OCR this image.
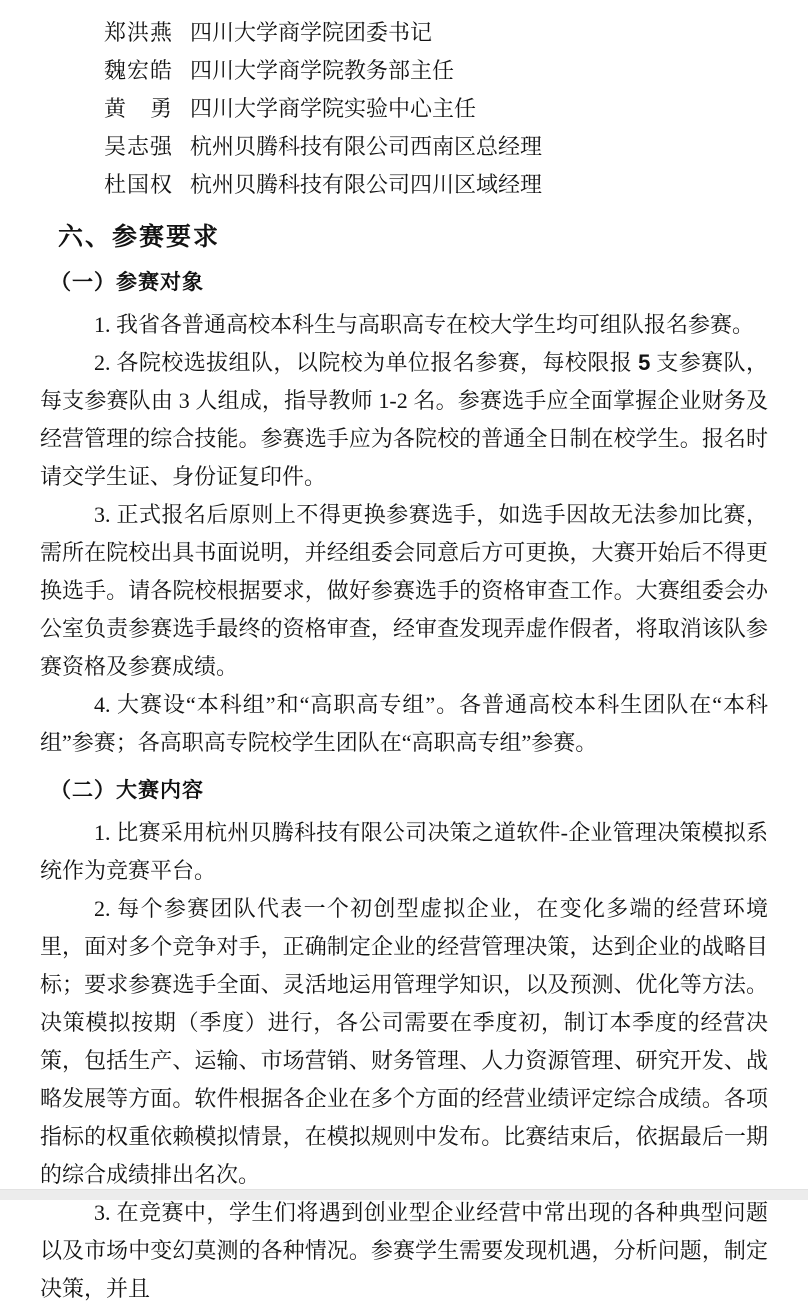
郑洪燕 四川大学商学院团委书记
魏宏皓 四川大学商学院教务部主任
黄　勇 四川大学商学院实验中心主任
吴志强 杭州贝腾科技有限公司西南区总经理
杜国权 杭州贝腾科技有限公司四川区域经理
六、参赛要求
（一）参赛对象

1. 我省各普通高校本科生与高职高专在校大学生均可组队报名参赛。

2. 各院校选拔组队，以院校为单位报名参赛，每校限报 5 支参赛队，每支参赛队由 3 人组成，指导教师 1-2 名。参赛选手应全面掌握企业财务及经营管理的综合技能。参赛选手应为各院校的普通全日制在校学生。报名时请交学生证、身份证复印件。

3. 正式报名后原则上不得更换参赛选手，如选手因故无法参加比赛，需所在院校出具书面说明，并经组委会同意后方可更换，大赛开始后不得更换选手。请各院校根据要求，做好参赛选手的资格审查工作。大赛组委会办公室负责参赛选手最终的资格审查，经审查发现弄虚作假者，将取消该队参赛资格及参赛成绩。

4. 大赛设“本科组”和“高职高专组”。各普通高校本科生团队在“本科组”参赛；各高职高专院校学生团队在“高职高专组”参赛。

（二）大赛内容

1. 比赛采用杭州贝腾科技有限公司决策之道软件-企业管理决策模拟系统作为竞赛平台。

2. 每个参赛团队代表一个初创型虚拟企业，在变化多端的经营环境里，面对多个竞争对手，正确制定企业的经营管理决策，达到企业的战略目标；要求参赛选手全面、灵活地运用管理学知识，以及预测、优化等方法。决策模拟按期（季度）进行，各公司需要在季度初，制订本季度的经营决策，包括生产、运输、市场营销、财务管理、人力资源管理、研究开发、战略发展等方面。软件根据各企业在多个方面的经营业绩评定综合成绩。各项指标的权重依赖模拟情景，在模拟规则中发布。比赛结束后，依据最后一期的综合成绩排出名次。

3. 在竞赛中，学生们将遇到创业型企业经营中常出现的各种典型问题以及市场中变幻莫测的各种情况。参赛学生需要发现机遇，分析问题，制定决策，并且
